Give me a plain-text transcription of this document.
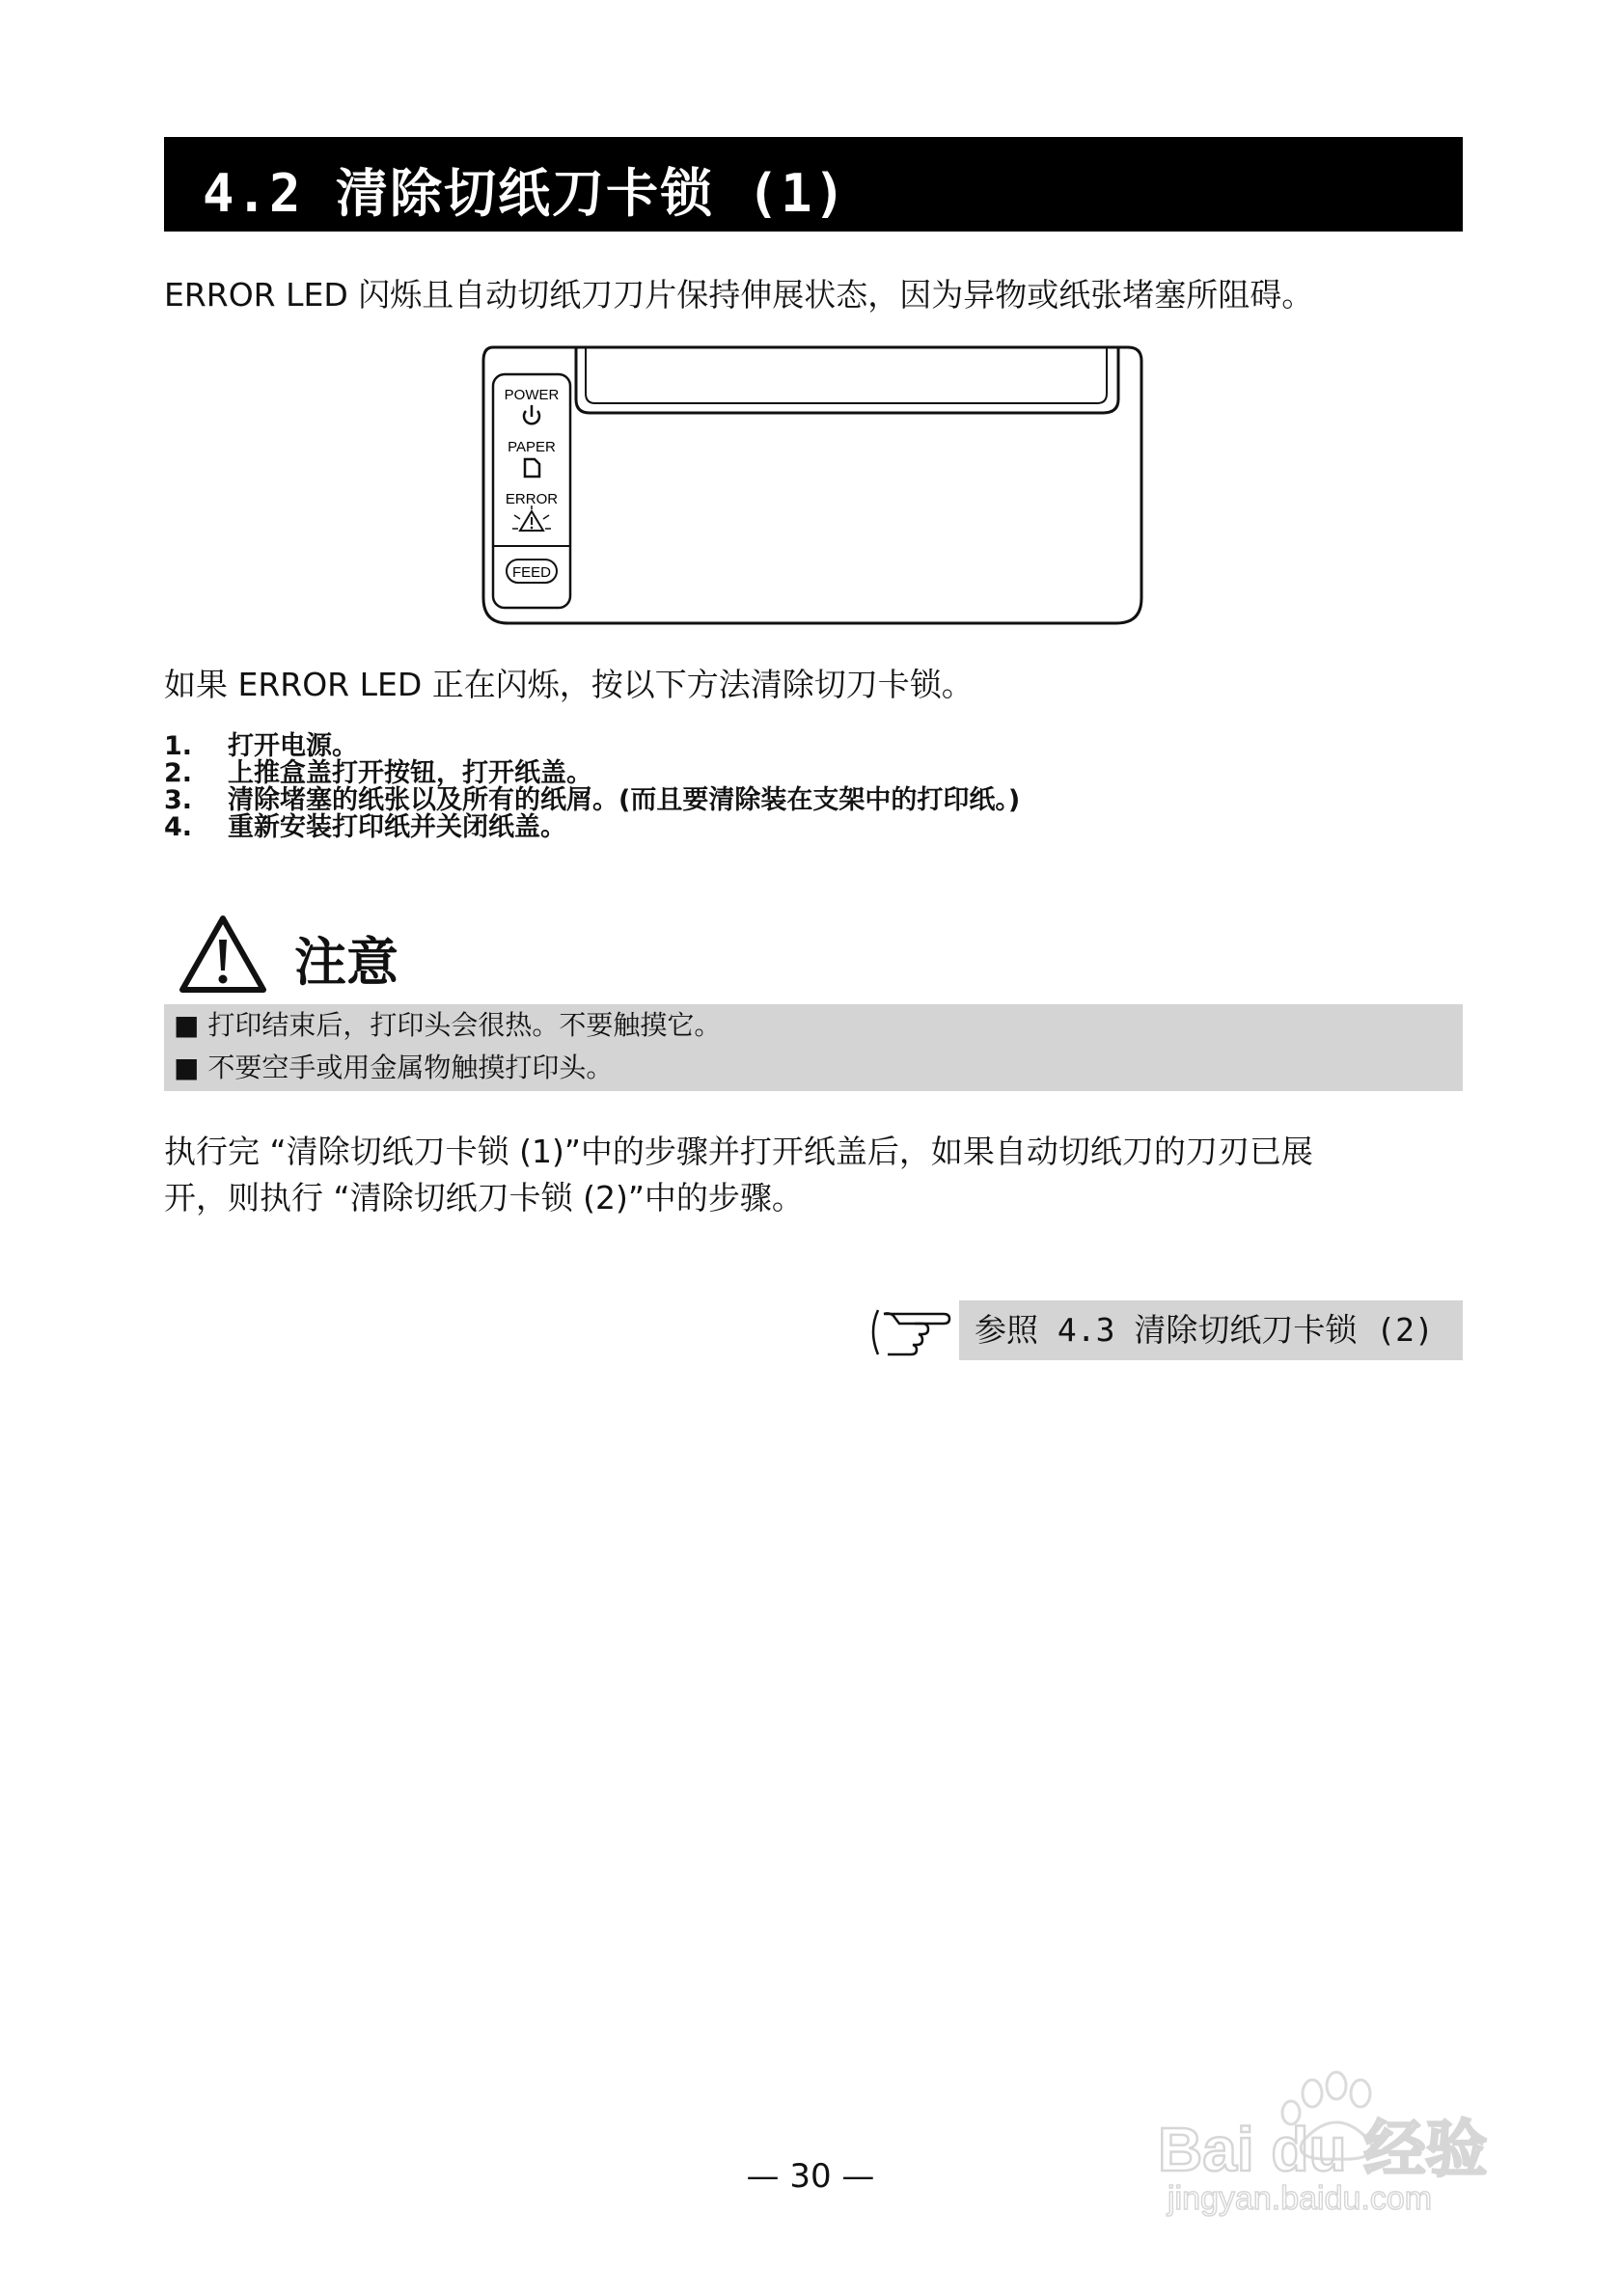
4.2 清除切纸刀卡锁 (1)
ERROR LED 闪烁且自动切纸刀刀片保持伸展状态，因为异物或纸张堵塞所阻碍。
POWER
PAPER
ERROR
FEED
如果 ERROR LED 正在闪烁，按以下方法清除切刀卡锁。
1. 打开电源。
2. 上推盒盖打开按钮，打开纸盖。
3. 清除堵塞的纸张以及所有的纸屑。(而且要清除装在支架中的打印纸。)
4. 重新安装打印纸并关闭纸盖。
注意
■ 打印结束后，打印头会很热。不要触摸它。
■ 不要空手或用金属物触摸打印头。
执行完 “清除切纸刀卡锁 (1)”中的步骤并打开纸盖后，如果自动切纸刀的刀刃已展
开，则执行 “清除切纸刀卡锁 (2)”中的步骤。
参照 4.3 清除切纸刀卡锁 (2)
— 30 —	Bai du 经验
jingyan.baidu.com
